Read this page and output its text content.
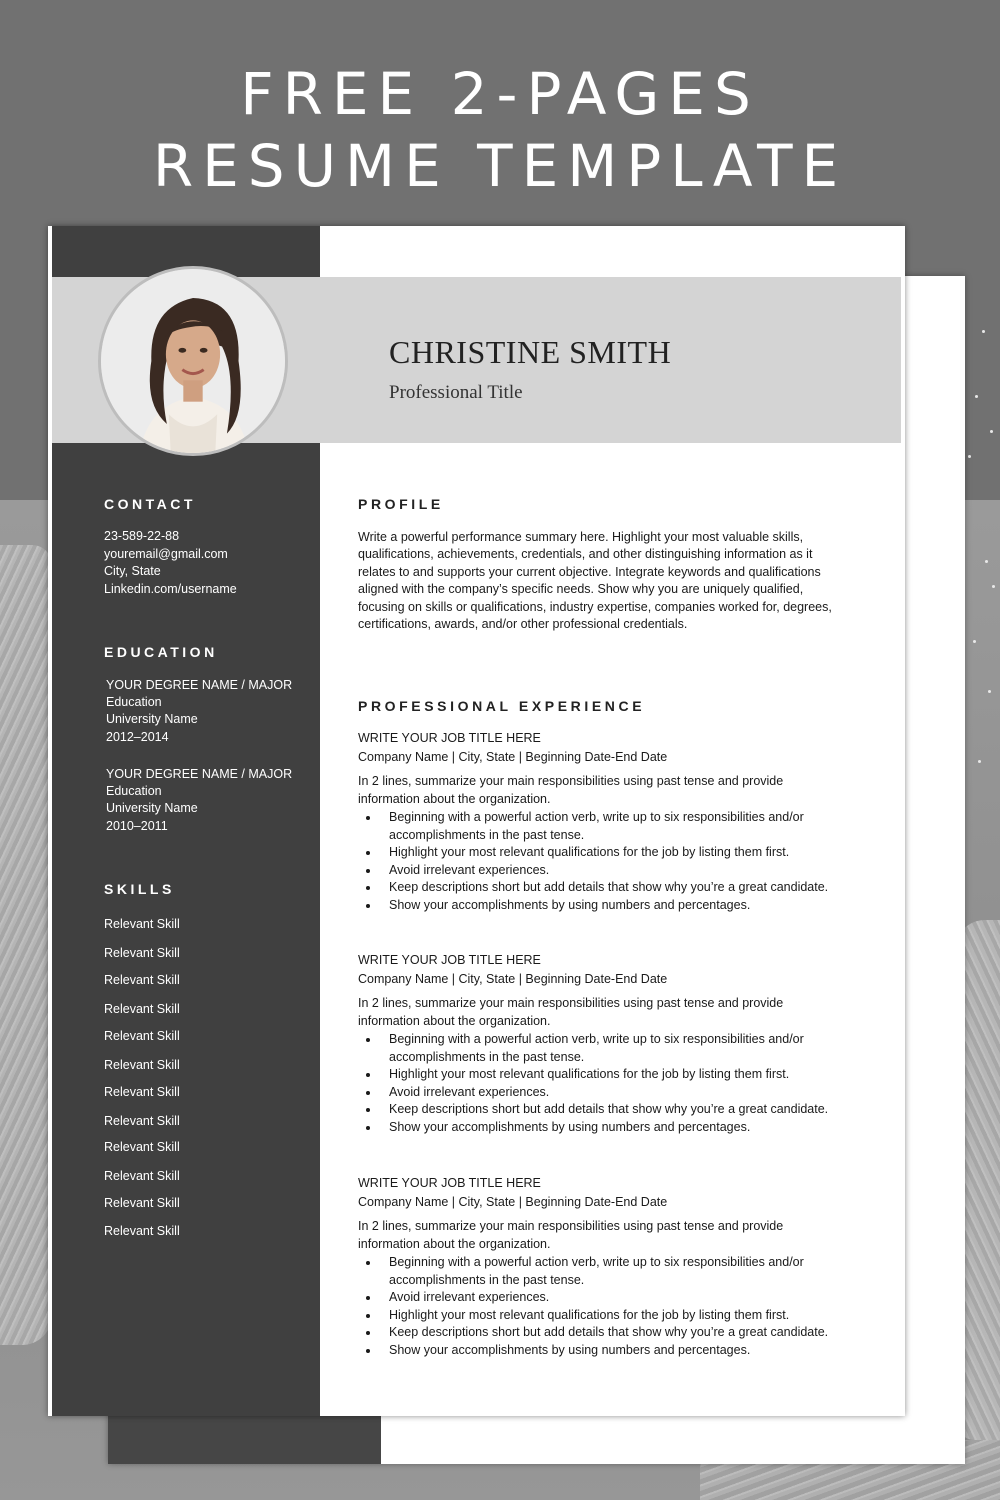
FREE 2-PAGES
RESUME TEMPLATE
CHRISTINE SMITH
Professional Title
CONTACT
23-589-22-88
youremail@gmail.com
City, State
Linkedin.com/username
EDUCATION
YOUR DEGREE NAME / MAJOR
Education
University Name
2012–2014
YOUR DEGREE NAME / MAJOR
Education
University Name
2010–2011
SKILLS
Relevant Skill
Relevant Skill
Relevant Skill
Relevant Skill
Relevant Skill
Relevant Skill
Relevant Skill
Relevant Skill
Relevant Skill
Relevant Skill
Relevant Skill
Relevant Skill
PROFILE
Write a powerful performance summary here. Highlight your most valuable skills, qualifications, achievements, credentials, and other distinguishing information as it relates to and supports your current objective. Integrate keywords and qualifications aligned with the company’s specific needs. Show why you are uniquely qualified, focusing on skills or qualifications, industry expertise, companies worked for, degrees, certifications, awards, and/or other professional credentials.
PROFESSIONAL EXPERIENCE
WRITE YOUR JOB TITLE HERE
Company Name | City, State | Beginning Date-End Date
In 2 lines, summarize your main responsibilities using past tense and provide information about the organization.
Beginning with a powerful action verb, write up to six responsibilities and/or accomplishments in the past tense.
Highlight your most relevant qualifications for the job by listing them first.
Avoid irrelevant experiences.
Keep descriptions short but add details that show why you’re a great candidate.
Show your accomplishments by using numbers and percentages.
WRITE YOUR JOB TITLE HERE
Company Name | City, State | Beginning Date-End Date
In 2 lines, summarize your main responsibilities using past tense and provide information about the organization.
Beginning with a powerful action verb, write up to six responsibilities and/or accomplishments in the past tense.
Highlight your most relevant qualifications for the job by listing them first.
Avoid irrelevant experiences.
Keep descriptions short but add details that show why you’re a great candidate.
Show your accomplishments by using numbers and percentages.
WRITE YOUR JOB TITLE HERE
Company Name | City, State | Beginning Date-End Date
In 2 lines, summarize your main responsibilities using past tense and provide information about the organization.
Beginning with a powerful action verb, write up to six responsibilities and/or accomplishments in the past tense.
Avoid irrelevant experiences.
Highlight your most relevant qualifications for the job by listing them first.
Keep descriptions short but add details that show why you’re a great candidate.
Show your accomplishments by using numbers and percentages.
